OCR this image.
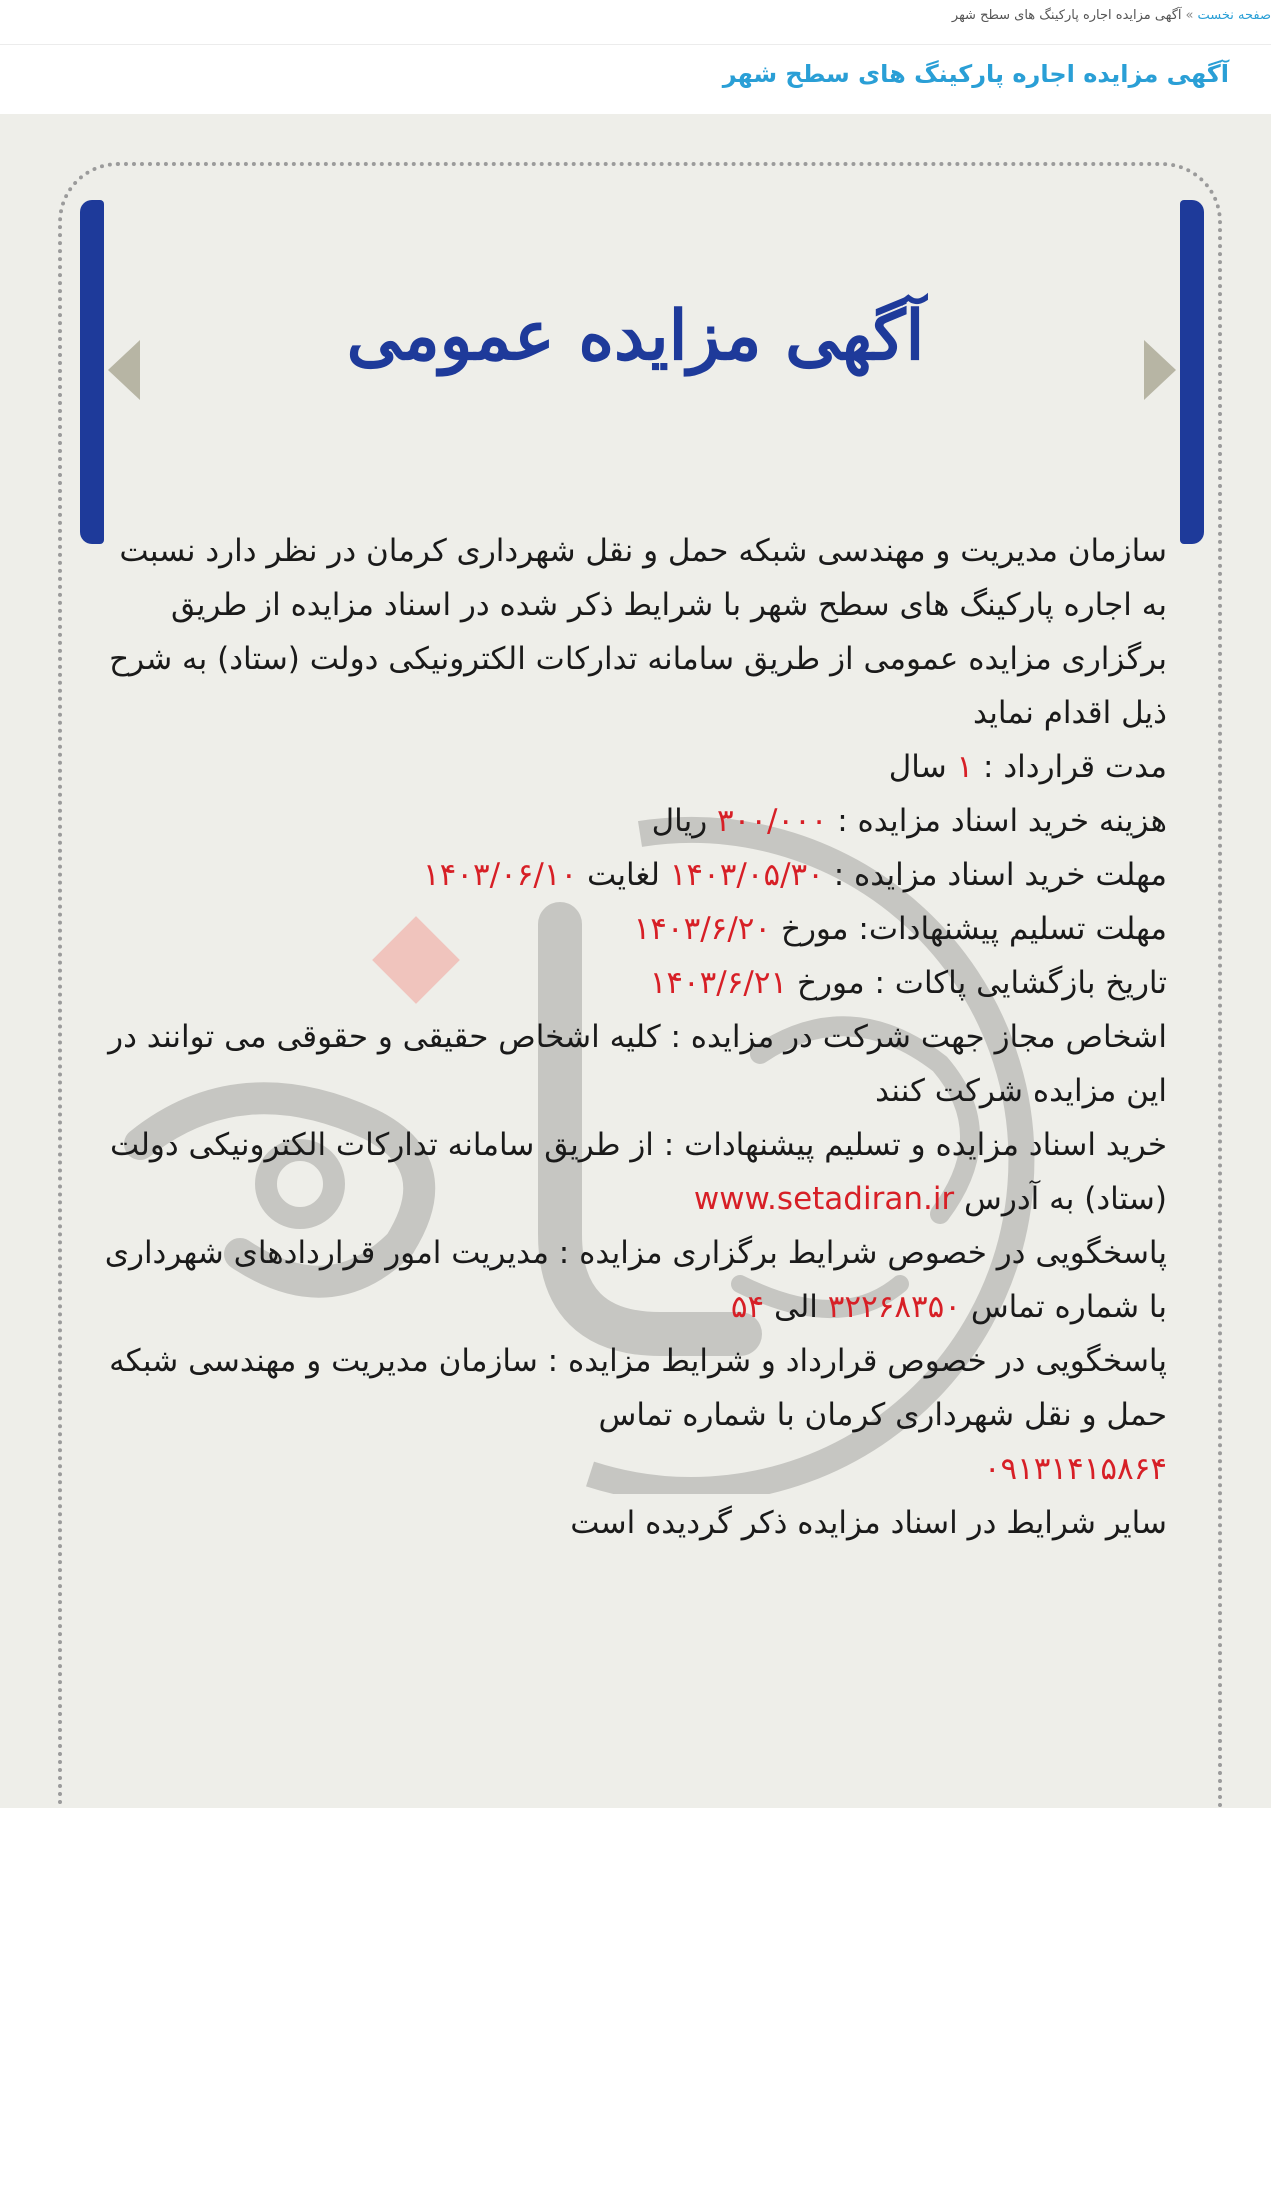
صفحه نخست»آگهی مزایده اجاره پارکینگ های سطح شهر
آگهی مزایده اجاره پارکینگ های سطح شهر
آگهی مزایده عمومی

سازمان مدیریت و مهندسی شبکه حمل و نقل شهرداری کرمان در نظر دارد نسبت به اجاره پارکینگ های سطح شهر با شرایط ذکر شده در اسناد مزایده از طریق برگزاری مزایده عمومی از طریق سامانه تدارکات الکترونیکی دولت (ستاد) به شرح ذیل اقدام نماید

مدت قرارداد : ۱ سال

هزینه خرید اسناد مزایده : ۳۰۰/۰۰۰ ریال

مهلت خرید اسناد مزایده : ۱۴۰۳/۰۵/۳۰ لغایت ۱۴۰۳/۰۶/۱۰

مهلت تسلیم پیشنهادات: مورخ ۱۴۰۳/۶/۲۰

تاریخ بازگشایی پاکات : مورخ ۱۴۰۳/۶/۲۱

اشخاص مجاز جهت شرکت در مزایده : کلیه اشخاص حقیقی و حقوقی می توانند در این مزایده شرکت کنند

خرید اسناد مزایده و تسلیم پیشنهادات : از طریق سامانه تدارکات الکترونیکی دولت (ستاد) به آدرس www.setadiran.ir

پاسخگویی در خصوص شرایط برگزاری مزایده : مدیریت امور قراردادهای شهرداری با شماره تماس ۳۲۲۶۸۳۵۰ الی ۵۴

پاسخگویی در خصوص قرارداد و شرایط مزایده : سازمان مدیریت و مهندسی شبکه حمل و نقل شهرداری کرمان با شماره تماس

۰۹۱۳۱۴۱۵۸۶۴

سایر شرایط در اسناد مزایده ذکر گردیده است
